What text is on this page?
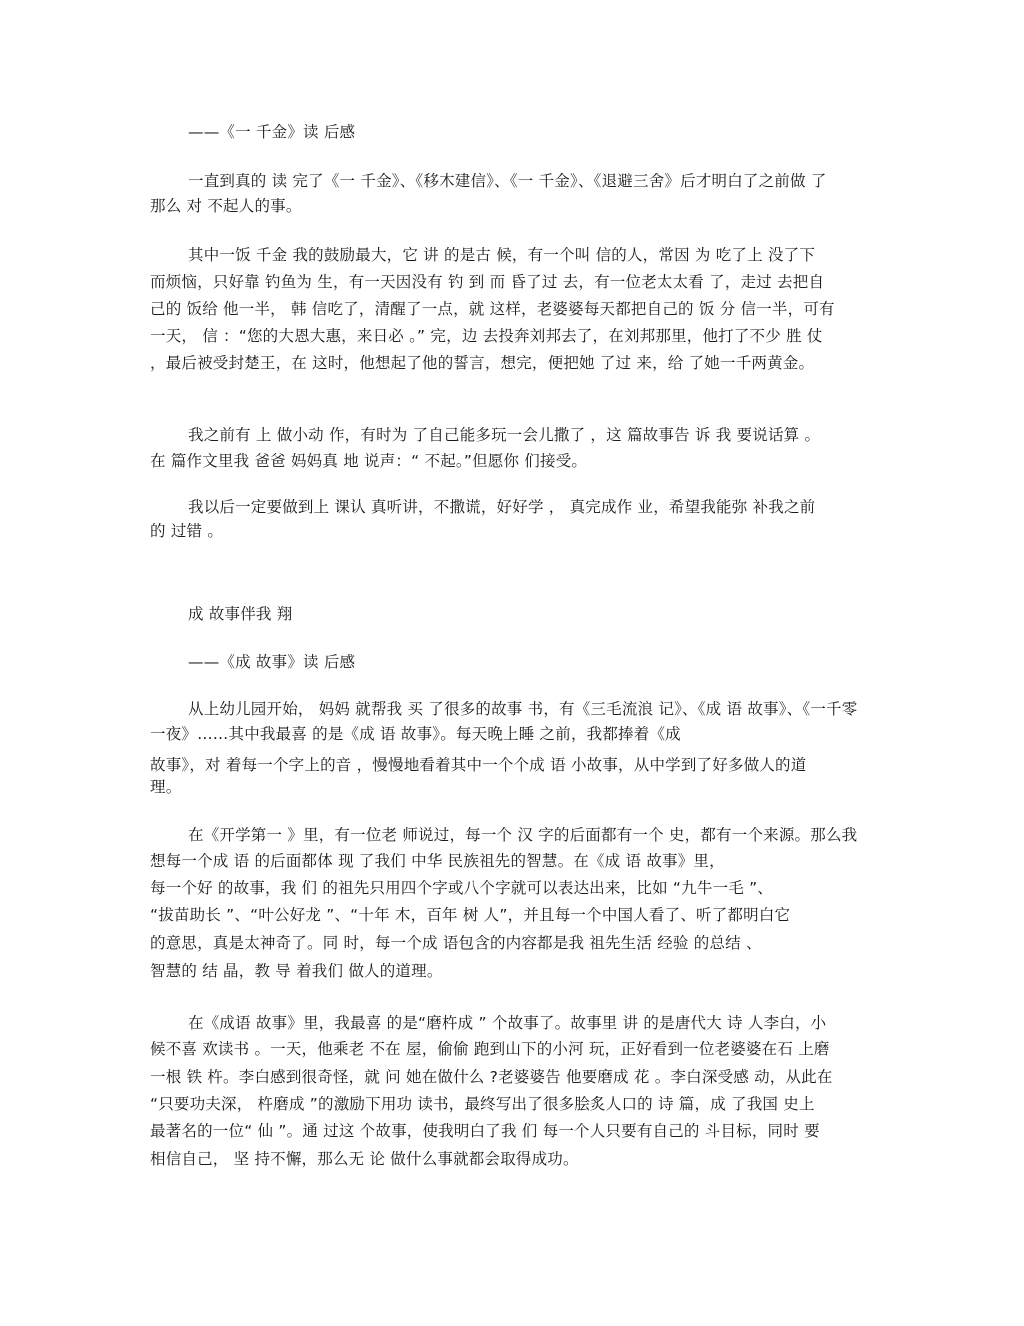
——《一 千金》读 后感

一直到真的 读 完了《一 千金》、《移木建信》、《一 千金》、《退避三舍》后才明白了之前做 了

那么 对 不起人的事。

其中一饭 千金 我的鼓励最大，它 讲 的是古 候，有一个叫 信的人，常因 为 吃了上 没了下

而烦恼，只好靠 钓鱼为 生，有一天因没有 钓 到 而 昏了过 去，有一位老太太看 了，走过 去把自

己的 饭给 他一半， 韩 信吃了，清醒了一点，就 这样，老婆婆每天都把自己的 饭 分 信一半，可有

一天， 信 ：“您的大恩大惠，来日必 。” 完，边 去投奔刘邦去了，在刘邦那里，他打了不少 胜 仗

，最后被受封楚王，在 这时，他想起了他的誓言，想完，便把她 了过 来，给 了她一千两黄金。

我之前有 上 做小动 作，有时为 了自己能多玩一会儿撒了 ，这 篇故事告 诉 我 要说话算 。

在 篇作文里我 爸爸 妈妈真 地 说声：“ 不起。”但愿你 们接受。

我以后一定要做到上 课认 真听讲，不撒谎，好好学 ， 真完成作 业，希望我能弥 补我之前

的 过错 。

成 故事伴我 翔

——《成 故事》读 后感

从上幼儿园开始， 妈妈 就帮我 买 了很多的故事 书，有《三毛流浪 记》、《成 语 故事》、《一千零

一夜》……其中我最喜 的是《成 语 故事》。每天晚上睡 之前，我都捧着《成

故事》，对 着每一个字上的音 ，慢慢地看着其中一个个成 语 小故事，从中学到了好多做人的道

理。

在《开学第一 》里，有一位老 师说过，每一个 汉 字的后面都有一个 史，都有一个来源。那么我

想每一个成 语 的后面都体 现 了我们 中华 民族祖先的智慧。在《成 语 故事》里，

每一个好 的故事，我 们 的祖先只用四个字或八个字就可以表达出来，比如 “九牛一毛 ”、

“拔苗助长 ”、“叶公好龙 ”、“十年 木，百年 树 人”，并且每一个中国人看了、听了都明白它

的意思，真是太神奇了。同 时，每一个成 语包含的内容都是我 祖先生活 经验 的总结 、

智慧的 结 晶，教 导 着我们 做人的道理。

在《成语 故事》里，我最喜 的是“磨杵成 ” 个故事了。故事里 讲 的是唐代大 诗 人李白，小

候不喜 欢读书 。一天，他乘老 不在 屋，偷偷 跑到山下的小河 玩，正好看到一位老婆婆在石 上磨

一根 铁 杵。李白感到很奇怪，就 问 她在做什么 ?老婆婆告 他要磨成 花 。李白深受感 动，从此在

“只要功夫深， 杵磨成 ”的激励下用功 读书，最终写出了很多脍炙人口的 诗 篇，成 了我国 史上

最著名的一位“ 仙 ”。通 过这 个故事，使我明白了我 们 每一个人只要有自己的 斗目标，同时 要

相信自己， 坚 持不懈，那么无 论 做什么事就都会取得成功。
